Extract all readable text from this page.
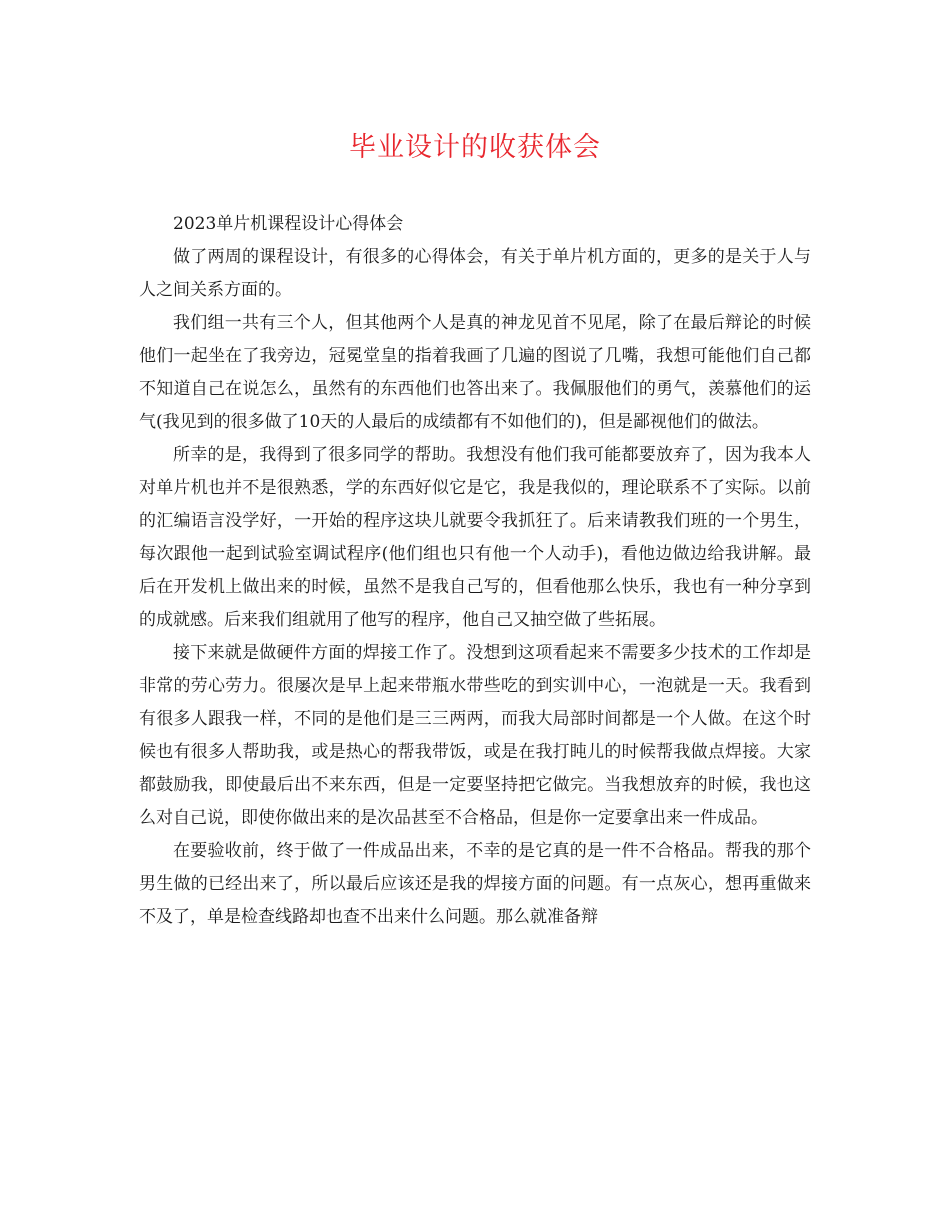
毕业设计的收获体会

2023单片机课程设计心得体会

做了两周的课程设计，有很多的心得体会，有关于单片机方面的，更多的是关于人与人之间关系方面的。

我们组一共有三个人，但其他两个人是真的神龙见首不见尾，除了在最后辩论的时候他们一起坐在了我旁边，冠冕堂皇的指着我画了几遍的图说了几嘴，我想可能他们自己都不知道自己在说怎么，虽然有的东西他们也答出来了。我佩服他们的勇气，羡慕他们的运气(我见到的很多做了10天的人最后的成绩都有不如他们的)，但是鄙视他们的做法。

所幸的是，我得到了很多同学的帮助。我想没有他们我可能都要放弃了，因为我本人对单片机也并不是很熟悉，学的东西好似它是它，我是我似的，理论联系不了实际。以前的汇编语言没学好，一开始的程序这块儿就要令我抓狂了。后来请教我们班的一个男生，每次跟他一起到试验室调试程序(他们组也只有他一个人动手)，看他边做边给我讲解。最后在开发机上做出来的时候，虽然不是我自己写的，但看他那么快乐，我也有一种分享到的成就感。后来我们组就用了他写的程序，他自己又抽空做了些拓展。

接下来就是做硬件方面的焊接工作了。没想到这项看起来不需要多少技术的工作却是非常的劳心劳力。很屡次是早上起来带瓶水带些吃的到实训中心，一泡就是一天。我看到有很多人跟我一样，不同的是他们是三三两两，而我大局部时间都是一个人做。在这个时候也有很多人帮助我，或是热心的帮我带饭，或是在我打盹儿的时候帮我做点焊接。大家都鼓励我，即使最后出不来东西，但是一定要坚持把它做完。当我想放弃的时候，我也这么对自己说，即使你做出来的是次品甚至不合格品，但是你一定要拿出来一件成品。

在要验收前，终于做了一件成品出来，不幸的是它真的是一件不合格品。帮我的那个男生做的已经出来了，所以最后应该还是我的焊接方面的问题。有一点灰心，想再重做来不及了，单是检查线路却也查不出来什么问题。那么就准备辩
